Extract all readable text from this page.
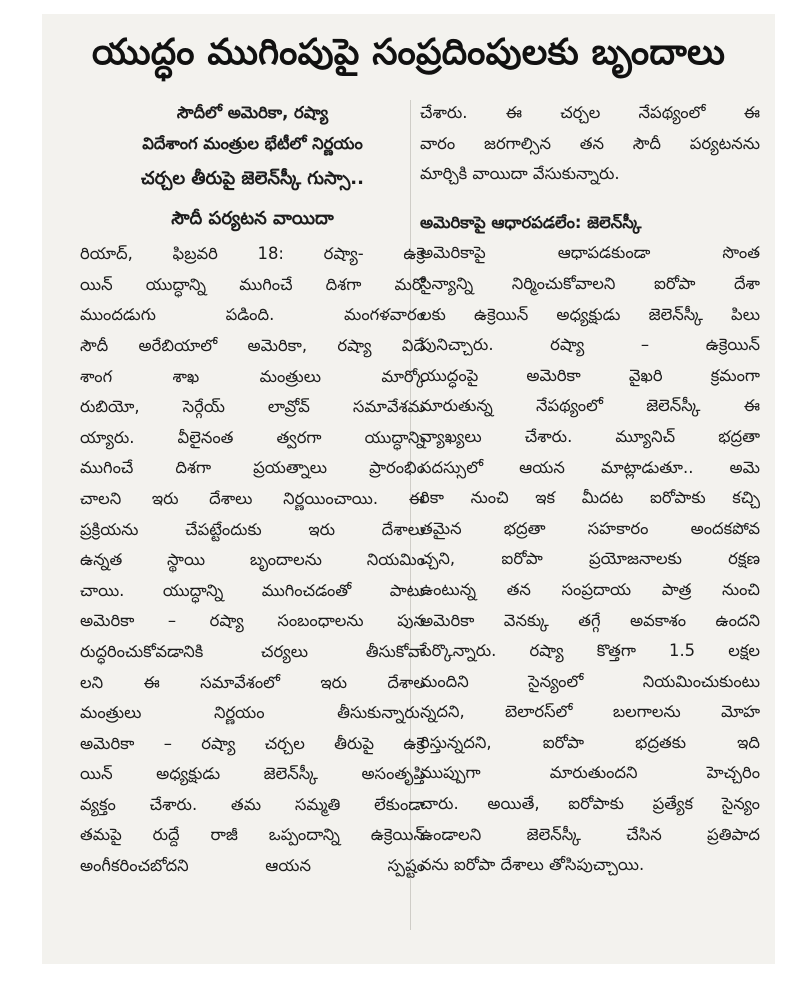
యుద్ధం ముగింపుపై సంప్రదింపులకు బృందాలు
సౌదీలో అమెరికా, రష్యా
విదేశాంగ మంత్రుల భేటీలో నిర్ణయం
చర్చల తీరుపై జెలెన్‌స్కీ గుస్సా..
సౌదీ పర్యటన వాయిదా
రియాద్, ఫిబ్రవరి 18: రష్యా- ఉక్రె
యిన్ యుద్ధాన్ని ముగించే దిశగా మరో
ముందడుగు పడింది. మంగళవారం
సౌదీ అరేబియాలో అమెరికా, రష్యా విదే
శాంగ శాఖ మంత్రులు మార్కో
రుబియో, సెర్గేయ్ లావ్రోవ్ సమావేశమ
య్యారు. వీలైనంత త్వరగా యుద్ధాన్ని
ముగించే దిశగా ప్రయత్నాలు ప్రారంభిం
చాలని ఇరు దేశాలు నిర్ణయించాయి. ఈ
ప్రక్రియను చేపట్టేందుకు ఇరు దేశాలు
ఉన్నత స్థాయి బృందాలను నియమిం
చాయి. యుద్ధాన్ని ముగించడంతో పాటు
అమెరికా – రష్యా సంబంధాలను పున
రుద్ధరించుకోవడానికి చర్యలు తీసుకోవా
లని ఈ సమావేశంలో ఇరు దేశాల
మంత్రులు నిర్ణయం తీసుకున్నారు.
అమెరికా – రష్యా చర్చల తీరుపై ఉక్రె
యిన్ అధ్యక్షుడు జెలెన్‌స్కీ అసంతృప్తి
వ్యక్తం చేశారు. తమ సమ్మతి లేకుండా
తమపై రుద్దే రాజీ ఒప్పందాన్ని ఉక్రెయిన్
అంగీకరించబోదని ఆయన స్పష్టం
చేశారు. ఈ చర్చల నేపథ్యంలో ఈ
వారం జరగాల్సిన తన సౌదీ పర్యటనను
మార్చికి వాయిదా వేసుకున్నారు.
అమెరికాపై ఆధారపడలేం: జెలెన్‌స్కీ
అమెరికాపై ఆధాపడకుండా సొంత
సైన్యాన్ని నిర్మించుకోవాలని ఐరోపా దేశా
లకు ఉక్రెయిన్ అధ్యక్షుడు జెలెన్‌స్కీ పిలు
పునిచ్చారు. రష్యా – ఉక్రెయిన్
యుద్ధంపై అమెరికా వైఖరి క్రమంగా
మారుతున్న నేపథ్యంలో జెలెన్‌స్కీ ఈ
వ్యాఖ్యలు చేశారు. మ్యూనిచ్ భద్రతా
సదస్సులో ఆయన మాట్లాడుతూ.. అమె
రికా నుంచి ఇక మీదట ఐరోపాకు కచ్చి
తమైన భద్రతా సహకారం అందకపోవ
చ్చని, ఐరోపా ప్రయోజనాలకు రక్షణ
ఉంటున్న తన సంప్రదాయ పాత్ర నుంచి
అమెరికా వెనక్కు తగ్గే అవకాశం ఉందని
పేర్కొన్నారు. రష్యా కొత్తగా 1.5 లక్షల
మందిని సైన్యంలో నియమించుకుంటు
న్నదని, బెలారస్‌లో బలగాలను మోహ
రిస్తున్నదని, ఐరోపా భద్రతకు ఇది
ముప్పుగా మారుతుందని హెచ్చరిం
చారు. అయితే, ఐరోపాకు ప్రత్యేక సైన్యం
ఉండాలని జెలెన్‌స్కీ చేసిన ప్రతిపాద
నను ఐరోపా దేశాలు తోసిపుచ్చాయి.
